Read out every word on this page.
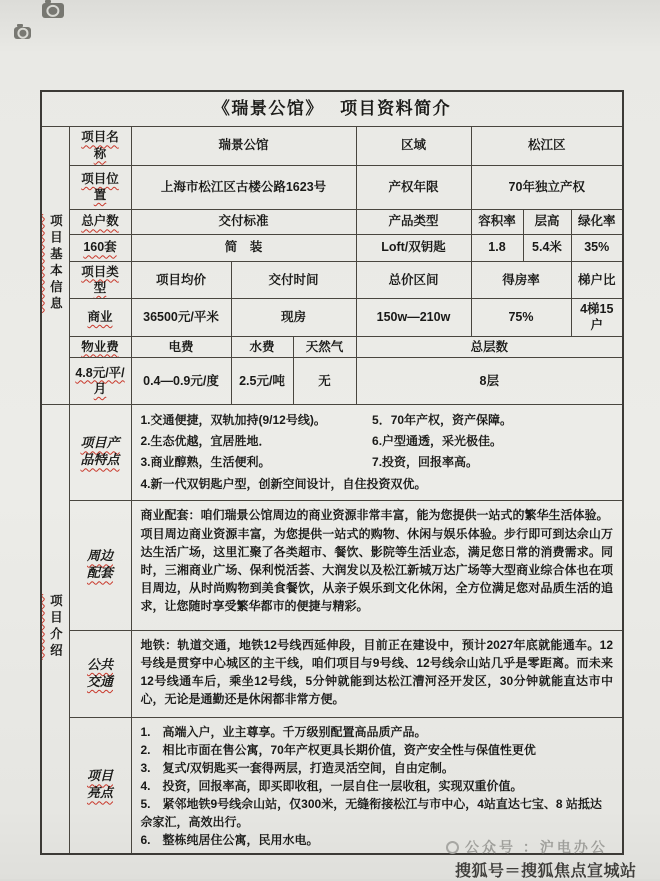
《瑞景公馆》　 项目资料简介								
项目基本信息	项目名称	瑞景公馆			区域	松江区		
	项目位置	上海市松江区古楼公路1623号			产权年限	70年独立产权		
	总户数	交付标准			产品类型	容积率	层高	绿化率
	160套	简　装			Loft/双钥匙	1.8	5.4米	35%
	项目类型	项目均价	交付时间		总价区间	得房率		梯户比
	商业	36500元/平米	现房		150w—210w	75%		4梯15户
	物业费	电费	水费	天然气	总层数			
	4.8元/平/月	0.4—0.9元/度	2.5元/吨	无	8层			
项目介绍	项目产品特点	
1.交通便捷，双轨加持(9/12号线)。	5．70年产权，资产保障。
2.生态优越，宜居胜地．	6.户型通透，采光极佳。
3.商业醇熟，生活便利。	7.投资，回报率高。
4.新一代双钥匙户型，创新空间设计，自住投资双优。

	周边配套	商业配套：咱们瑞景公馆周边的商业资源非常丰富，能为您提供一站式的繁华生活体验。
项目周边商业资源丰富，为您提供一站式的购物、休闲与娱乐体验。步行即可到达佘山万达生活广场，这里汇聚了各类超市、餐饮、影院等生活业态，满足您日常的消费需求。同时，三湘商业广场、保利悦活荟、大润发以及松江新城万达广场等大型商业综合体也在项目周边，从时尚购物到美食餐饮，从亲子娱乐到文化休闲，全方位满足您对品质生活的追求，让您随时享受繁华都市的便捷与精彩。						

	公共交通	地铁：轨道交通，地铁12号线西延伸段，目前正在建设中，预计2027年底就能通车。12号线是贯穿中心城区的主干线，咱们项目与9号线、12号线佘山站几乎是零距离。而未来12号线通车后，乘坐12号线，5分钟就能到达松江漕河泾开发区，30分钟就能直达市中心，无论是通勤还是休闲都非常方便。						

项目亮点	
1.　高端入户，业主尊享。千万级别配置高品质产品。
2.　相比市面在售公寓，70年产权更具长期价值，资产安全性与保值性更优
3.　复式/双钥匙买一套得两层，打造灵活空间，自由定制。
4.　投资，回报率高，即买即收租，一层自住一层收租，实现双重价值。
5.　紧邻地铁9号线佘山站，仅300米，无缝衔接松江与市中心，4站直达七宝、8 站抵达佘家汇，高效出行。
6.　整栋纯居住公寓，民用水电。	公众号 ：沪电办公
搜狐号＝搜狐焦点宣城站
